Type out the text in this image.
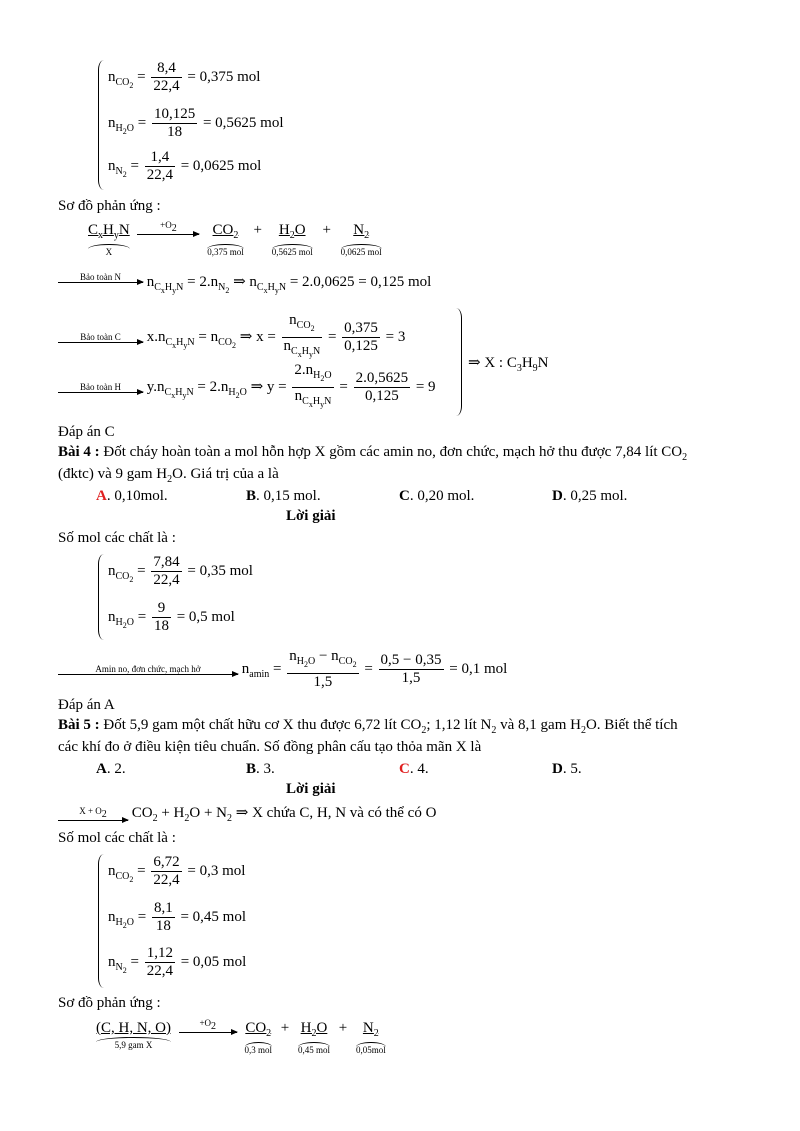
$n_{CO_2} = \frac{8,4}{22,4} = 0,375$ mol
$n_{H_2O} = \frac{10,125}{18} = 0,5625$ mol
$n_{N_2} = \frac{1,4}{22,4} = 0,0625$ mol
Sơ đồ phản ứng :
$C_xH_yN$
X

$+O_2$
	$CO_2$
0,375 mol
+	$H_2O$
0,5625 mol
+	$N_2$
0,0625 mol
Bảo toàn N	$n_{C_xH_yN} = 2.n_{N_2}$ ⇒ $n_{C_xH_yN} = 2.0,0625 = 0,125$ mol
Bảo toàn C	$x.n_{C_xH_yN} = n_{CO_2}$ ⇒ $x = \frac{n_{CO_2}}{n_{C_xH_yN}} = \frac{0,375}{0,125} = 3$
Bảo toàn H	$y.n_{C_xH_yN} = 2.n_{H_2O}$ ⇒ $y = \frac{2.n_{H_2O}}{n_{C_xH_yN}} = \frac{2.0,5625}{0,125} = 9$
⇒ X : $C_3H_9N$
Đáp án C
Bài 4 : Đốt cháy hoàn toàn a mol hỗn hợp X gồm các amin no, đơn chức, mạch hở thu được 7,84 lít $CO_2$
(đktc) và 9 gam $H_2O$. Giá trị của a là
A. 0,10mol.	B. 0,15 mol.	C. 0,20 mol.	D. 0,25 mol.
Lời giải
Số mol các chất là :
$n_{CO_2} = \frac{7,84}{22,4} = 0,35$ mol
$n_{H_2O} = \frac{9}{18} = 0,5$ mol
Amin no, đơn chức, mạch hở	$n_{amin} = \frac{n_{H_2O} - n_{CO_2}}{1,5} = \frac{0,5 - 0,35}{1,5} = 0,1$ mol
Đáp án A
Bài 5 : Đốt 5,9 gam một chất hữu cơ X thu được 6,72 lít $CO_2$; 1,12 lít $N_2$ và 8,1 gam $H_2O$. Biết thể tích
các khí đo ở điều kiện tiêu chuẩn. Số đồng phân cấu tạo thỏa mãn X là
A. 2.	B. 3.	C. 4.	D. 5.
Lời giải
$X + O_2$	$CO_2 + H_2O + N_2$ ⇒ X chứa C, H, N và có thể có O
Số mol các chất là :
$n_{CO_2} = \frac{6,72}{22,4} = 0,3$ mol
$n_{H_2O} = \frac{8,1}{18} = 0,45$ mol
$n_{N_2} = \frac{1,12}{22,4} = 0,05$ mol
Sơ đồ phản ứng :
(C, H, N, O)
5,9 gam X

$+O_2$
	$CO_2$
0,3 mol
+ $H_2O$
0,45 mol
+	$N_2$
0,05mol
